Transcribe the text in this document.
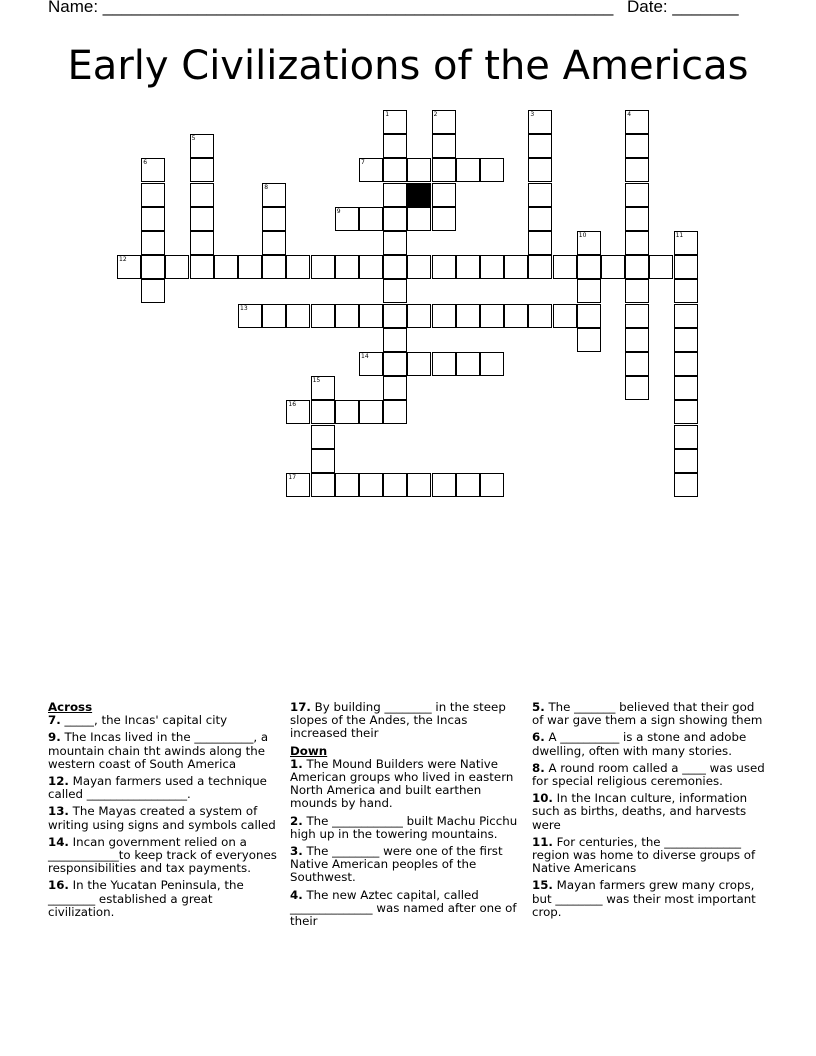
Name: ______________________________________________________ Date: _______
Early Civilizations of the Americas
1	2	3	4
5
6	7
8
9
10	11
12
13
14
15
16
17
Across
7. _____, the Incas' capital city
9. The Incas lived in the __________, a mountain chain tht awinds along the western coast of South America
12. Mayan farmers used a technique called _________________.
13. The Mayas created a system of writing using signs and symbols called
14. Incan government relied on a ____________to keep track of everyones responsibilities and tax payments.
16. In the Yucatan Peninsula, the ________ established a great civilization.
17. By building ________ in the steep slopes of the Andes, the Incas increased their
Down
1. The Mound Builders were Native American groups who lived in eastern North America and built earthen mounds by hand.
2. The ____________ built Machu Picchu high up in the towering mountains.
3. The ________ were one of the first Native American peoples of the Southwest.
4. The new Aztec capital, called ______________ was named after one of their
5. The _______ believed that their god of war gave them a sign showing them
6. A __________ is a stone and adobe dwelling, often with many stories.
8. A round room called a ____ was used for special religious ceremonies.
10. In the Incan culture, information such as births, deaths, and harvests were
11. For centuries, the _____________ region was home to diverse groups of Native Americans
15. Mayan farmers grew many crops, but ________ was their most important crop.
